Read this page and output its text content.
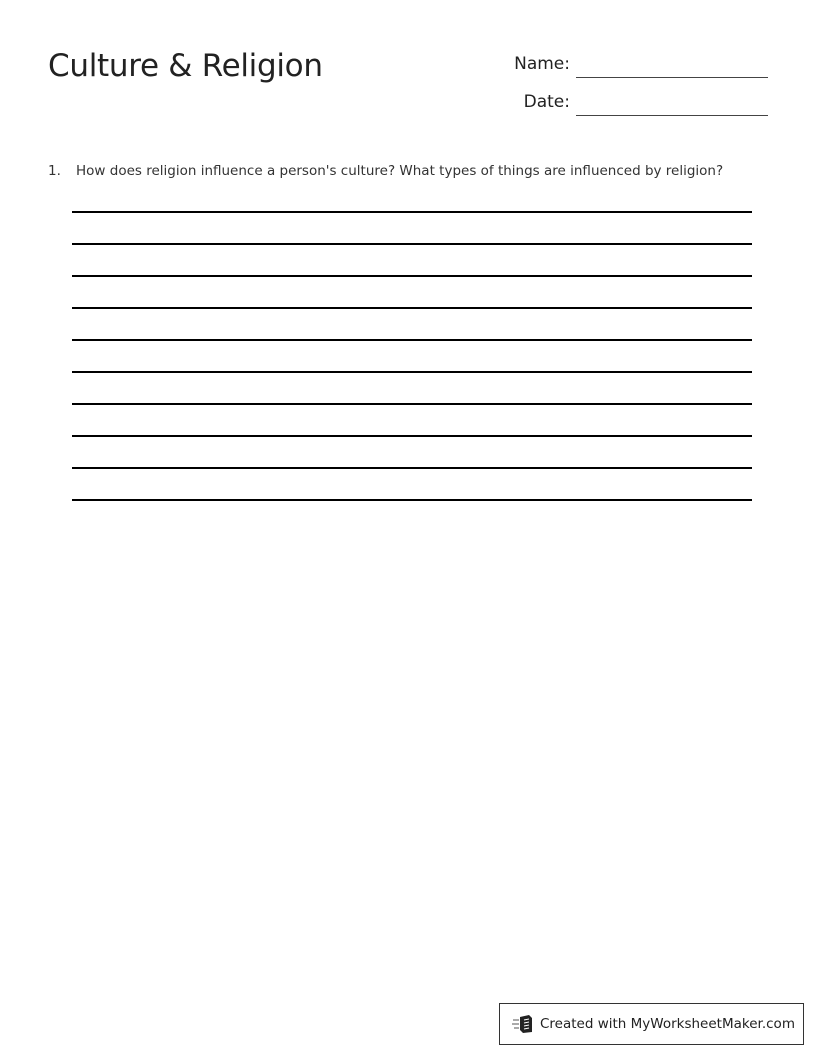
Culture & Religion	Name:
Date:
1. How does religion influence a person's culture? What types of things are influenced by religion?
Created with MyWorksheetMaker.com
